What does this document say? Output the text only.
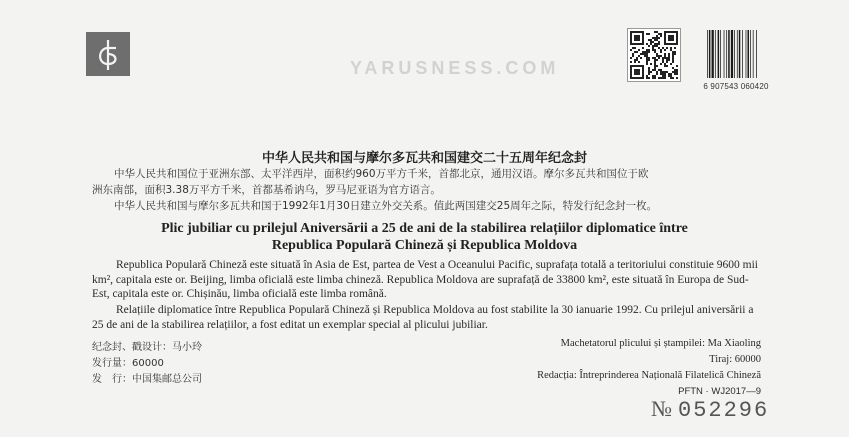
6 907543 060420
YARUSNESS.COM
中华人民共和国与摩尔多瓦共和国建交二十五周年纪念封
中华人民共和国位于亚洲东部、太平洋西岸，面积约960万平方千米，首都北京，通用汉语。摩尔多瓦共和国位于欧
洲东南部，面积3.38万平方千米，首都基希讷乌，罗马尼亚语为官方语言。
中华人民共和国与摩尔多瓦共和国于1992年1月30日建立外交关系。值此两国建交25周年之际，特发行纪念封一枚。
Plic jubiliar cu prilejul Aniversării a 25 de ani de la stabilirea relațiilor diplomatice între
Republica Populară Chineză și Republica Moldova
Republica Populară Chineză este situată în Asia de Est, partea de Vest a Oceanului Pacific, suprafața totală a teritoriului constituie 9600 mii km², capitala este or. Beijing, limba oficială este limba chineză. Republica Moldova are suprafață de 33800 km², este situată în Europa de Sud-Est, capitala este or. Chișinău, limba oficială este limba română.
Relațiile diplomatice între Republica Populară Chineză și Republica Moldova au fost stabilite la 30 ianuarie 1992. Cu prilejul aniversării a 25 de ani de la stabilirea relațiilor, a fost editat un exemplar special al plicului jubiliar.
纪念封、戳设计：马小玲
发行量：60000
发　行：中国集邮总公司
Machetatorul plicului și ștampilei: Ma Xiaoling
Tiraj: 60000
Redacția: Întreprinderea Națională Filatelică Chineză
PFTN · WJ2017—9
№ 052296
